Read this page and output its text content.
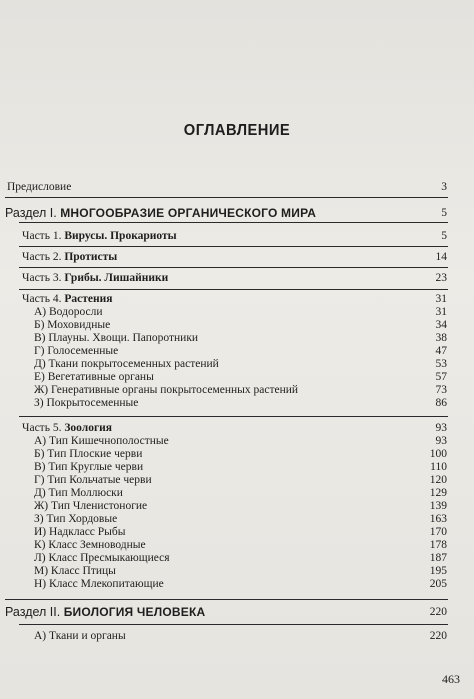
ОГЛАВЛЕНИЕ
Предисловие	3
Раздел I. МНОГООБРАЗИЕ ОРГАНИЧЕСКОГО МИРА	5
Часть 1. Вирусы. Прокариоты	5
Часть 2. Протисты	14
Часть 3. Грибы. Лишайники	23
Часть 4. Растения	31
А) Водоросли	31
Б) Моховидные	34
В) Плауны. Хвощи. Папоротники	38
Г) Голосеменные	47
Д) Ткани покрытосеменных растений	53
Е) Вегетативные органы	57
Ж) Генеративные органы покрытосеменных растений	73
З) Покрытосеменные	86
Часть 5. Зоология	93
А) Тип Кишечнополостные	93
Б) Тип Плоские черви	100
В) Тип Круглые черви	110
Г) Тип Кольчатые черви	120
Д) Тип Моллюски	129
Ж) Тип Членистоногие	139
З) Тип Хордовые	163
И) Надкласс Рыбы	170
К) Класс Земноводные	178
Л) Класс Пресмыкающиеся	187
М) Класс Птицы	195
Н) Класс Млекопитающие	205
Раздел II. БИОЛОГИЯ ЧЕЛОВЕКА	220
А) Ткани и органы	220
463
